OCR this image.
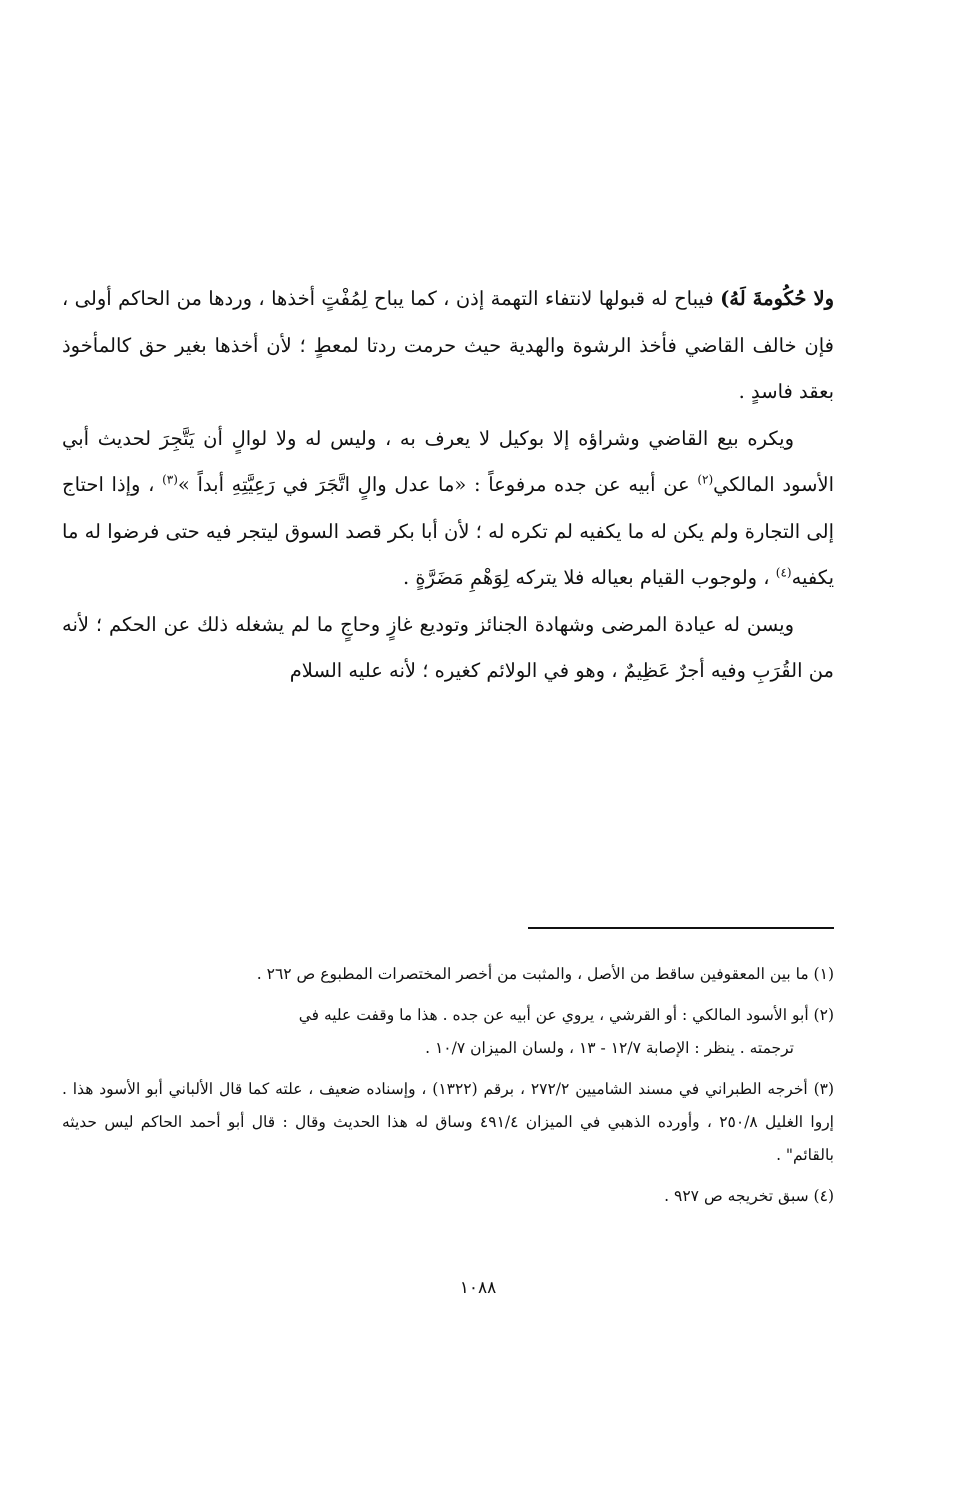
ولا حُكُومةَ لَهُ) فيباح له قبولها لانتفاء التهمة إذن ، كما يباح لِمُفْتٍ أخذها ، وردها من الحاكم أولى ، فإن خالف القاضي فأخذ الرشوة والهدية حيث حرمت ردتا لمعطٍ ؛ لأن أخذها بغير حق كالمأخوذ بعقد فاسدٍ .

ويكره بيع القاضي وشراؤه إلا بوكيل لا يعرف به ، وليس له ولا لوالٍ أن يَتَّجِرَ لحديث أبي الأسود المالكي$^{(٢)}$ عن أبيه عن جده مرفوعاً : «ما عدل والٍ اتَّجَرَ في رَعِيَّتِهِ أبداً »$^{(٣)}$ ، وإذا احتاج إلى التجارة ولم يكن له ما يكفيه لم تكره له ؛ لأن أبا بكر قصد السوق ليتجر فيه حتى فرضوا له ما يكفيه$^{(٤)}$ ، ولوجوب القيام بعياله فلا يتركه لِوَهْمِ مَضَرَّةٍ .

ويسن له عيادة المرضى وشهادة الجنائز وتوديع غازٍ وحاجٍ ما لم يشغله ذلك عن الحكم ؛ لأنه من القُرَبِ وفيه أجرٌ عَظِيمٌ ، وهو في الولائم كغيره ؛ لأنه عليه السلام

(١) ما بين المعقوفين ساقط من الأصل ، والمثبت من أخصر المختصرات المطبوع ص ٢٦٢ .

(٢) أبو الأسود المالكي : أو القرشي ، يروي عن أبيه عن جده . هذا ما وقفت عليه في
ترجمته . ينظر : الإصابة ١٢/٧ - ١٣ ، ولسان الميزان ١٠/٧ .

(٣) أخرجه الطبراني في مسند الشاميين ٢٧٢/٢ ، برقم (١٣٢٢) ، وإسناده ضعيف ، علته كما قال الألباني أبو الأسود هذا . إروا الغليل ٢٥٠/٨ ، وأورده الذهبي في الميزان ٤٩١/٤ وساق له هذا الحديث وقال : قال أبو أحمد الحاكم ليس حديثه بالقائم" .

(٤) سبق تخريجه ص ٩٢٧ .

١٠٨٨
